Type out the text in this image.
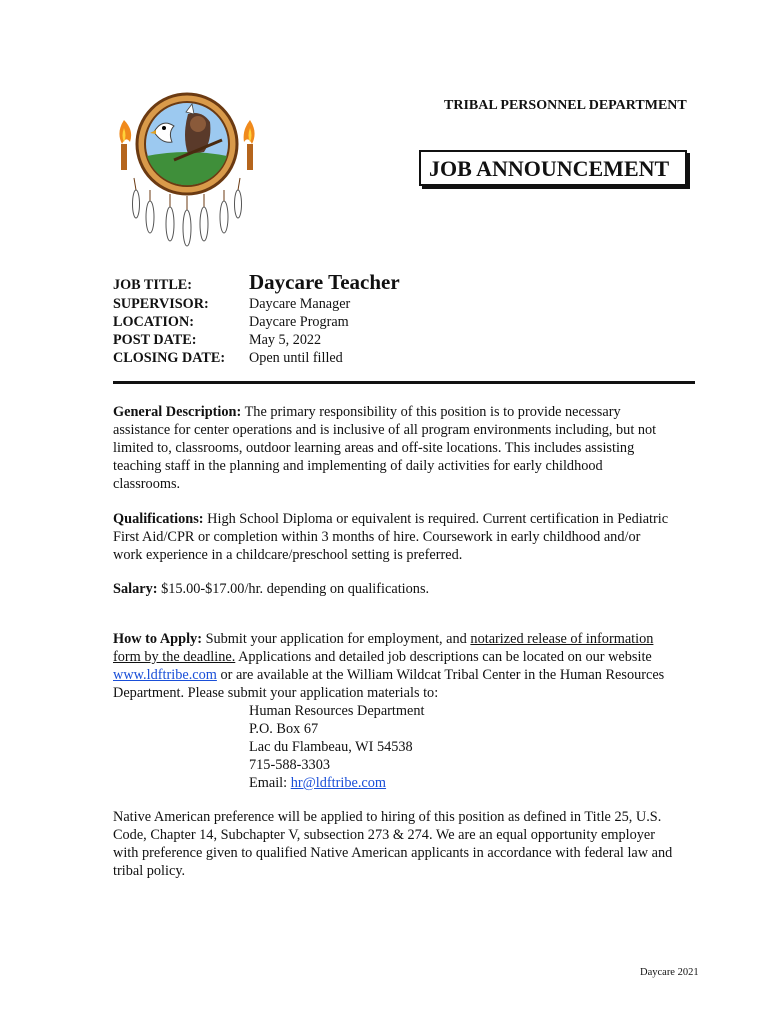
TRIBAL PERSONNEL DEPARTMENT
JOB ANNOUNCEMENT
JOB TITLE:	Daycare Teacher
SUPERVISOR:	Daycare Manager
LOCATION:	Daycare Program
POST DATE:	May 5, 2022
CLOSING DATE: Open until filled
General Description: The primary responsibility of this position is to provide necessary assistance for center operations and is inclusive of all program environments including, but not limited to, classrooms, outdoor learning areas and off-site locations. This includes assisting teaching staff in the planning and implementing of daily activities for early childhood classrooms.
Qualifications: High School Diploma or equivalent is required. Current certification in Pediatric First Aid/CPR or completion within 3 months of hire. Coursework in early childhood and/or work experience in a childcare/preschool setting is preferred.
Salary: $15.00-$17.00/hr. depending on qualifications.
How to Apply: Submit your application for employment, and notarized release of information form by the deadline. Applications and detailed job descriptions can be located on our website www.ldftribe.com or are available at the William Wildcat Tribal Center in the Human Resources Department. Please submit your application materials to:
Human Resources Department
P.O. Box 67
Lac du Flambeau, WI 54538
715-588-3303
Email: hr@ldftribe.com
Native American preference will be applied to hiring of this position as defined in Title 25, U.S. Code, Chapter 14, Subchapter V, subsection 273 & 274. We are an equal opportunity employer with preference given to qualified Native American applicants in accordance with federal law and tribal policy.
Daycare 2021
